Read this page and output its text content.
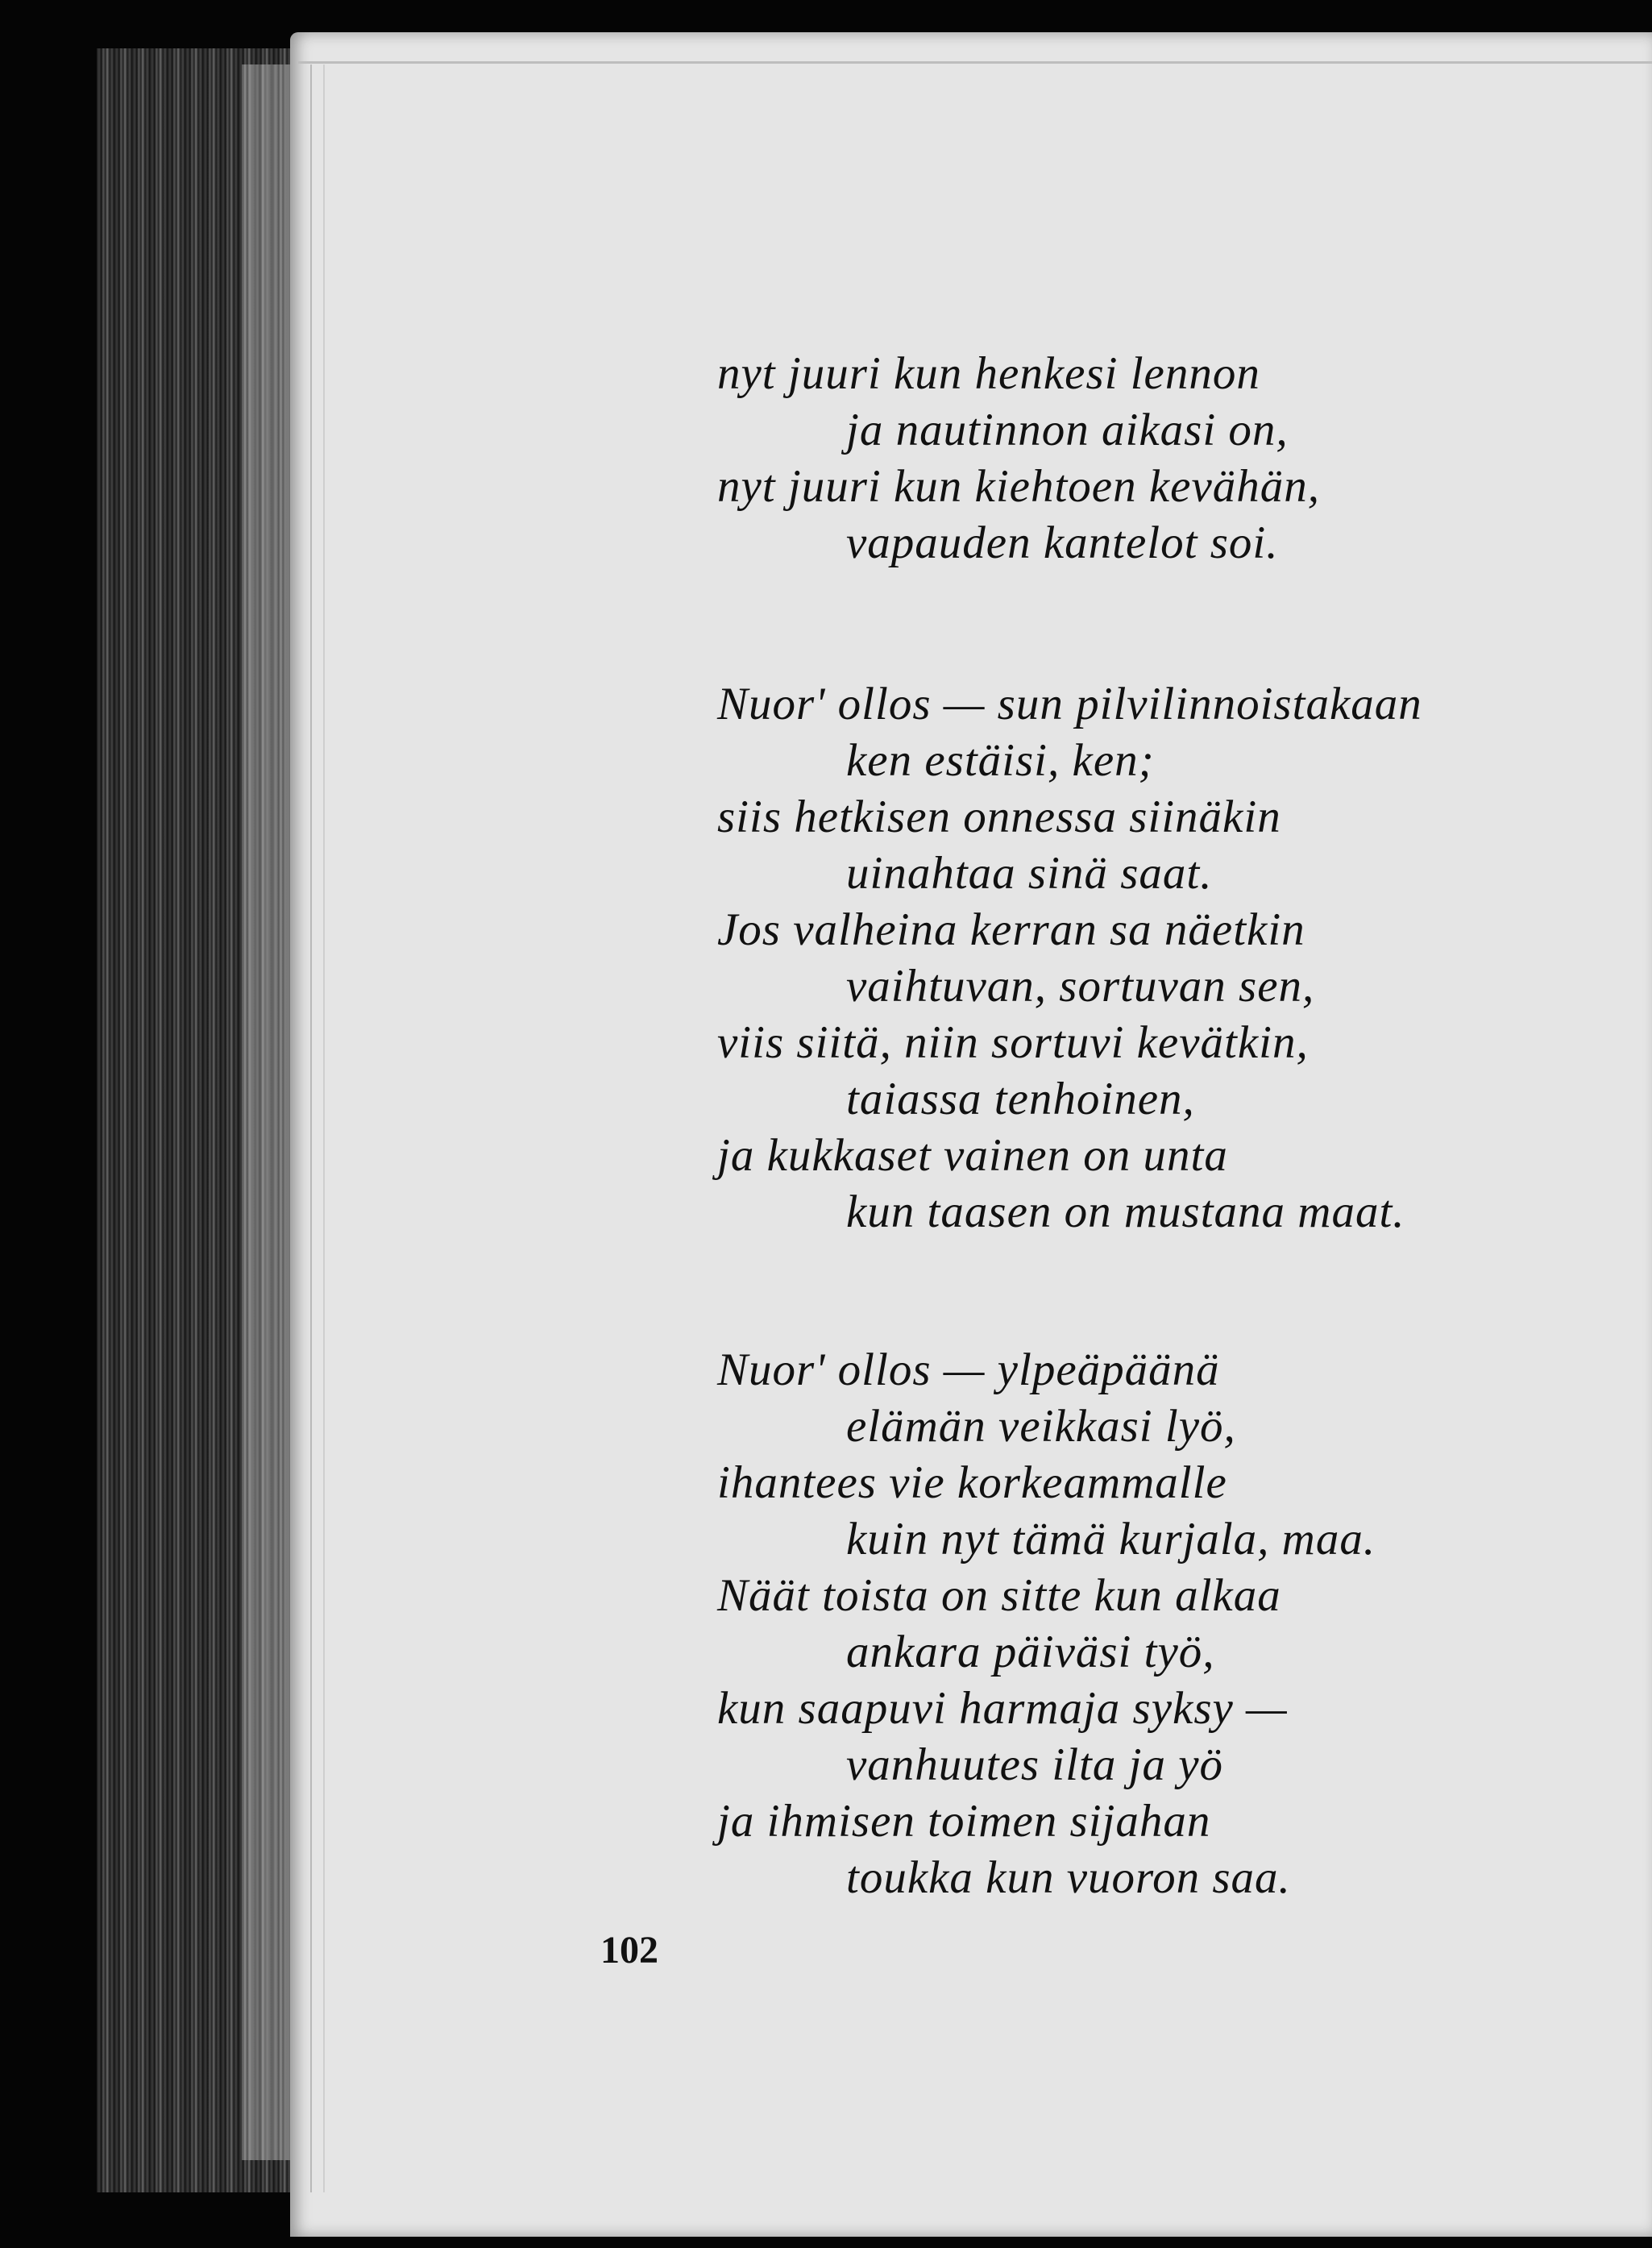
nyt juuri kun henkesi lennon
ja nautinnon aikasi on,
nyt juuri kun kiehtoen kevähän,
vapauden kantelot soi.
Nuor' ollos — sun pilvilinnoistakaan
ken estäisi, ken;
siis hetkisen onnessa siinäkin
uinahtaa sinä saat.
Jos valheina kerran sa näetkin
vaihtuvan, sortuvan sen,
viis siitä, niin sortuvi kevätkin,
taiassa tenhoinen,
ja kukkaset vainen on unta
kun taasen on mustana maat.
Nuor' ollos — ylpeäpäänä
elämän veikkasi lyö,
ihantees vie korkeammalle
kuin nyt tämä kurjala, maa.
Näät toista on sitte kun alkaa
ankara päiväsi työ,
kun saapuvi harmaja syksy —
vanhuutes ilta ja yö
ja ihmisen toimen sijahan
toukka kun vuoron saa.
102
